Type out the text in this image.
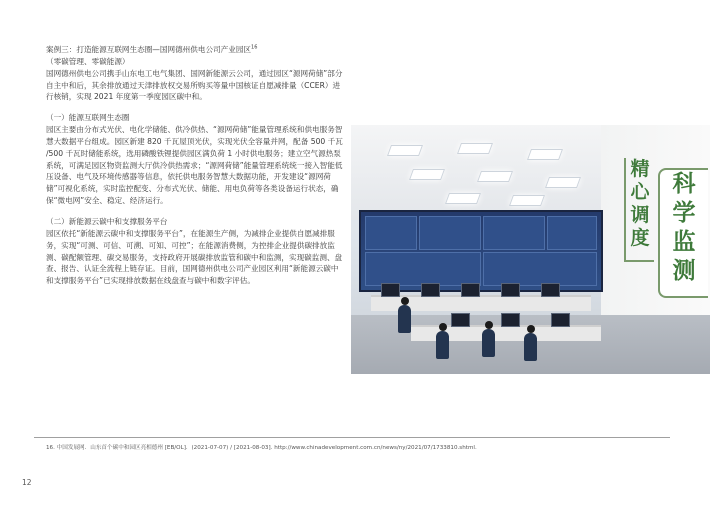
案例三：打造能源互联网生态圈—国网德州供电公司产业园区$^{16}$

（零碳管理、零碳能源）

国网德州供电公司携手山东电工电气集团、国网新能源云公司，通过园区“源网荷储”部分自主中和后，其余排放通过天津排放权交易所购买等量中国核证自愿减排量（CCER）进行核销，实现 2021 年度第一季度园区碳中和。

（一）能源互联网生态圈

园区主要由分布式光伏、电化学储能、供冷供热、“源网荷储”能量管理系统和供电服务智慧大数据平台组成。园区新建 820 千瓦屋顶光伏，实现光伏全容量并网，配备 500 千瓦 /500 千瓦时储能系统，选用磷酸铁锂提供园区满负荷 1 小时供电服务；建立空气源热泵系统，可满足园区物资监测大厅供冷供热需求；“源网荷储”能量管理系统统一接入智能低压设备、电气及环境传感器等信息，依托供电服务智慧大数据功能，开发建设“源网荷储”可视化系统，实时监控配变、分布式光伏、储能、用电负荷等各类设备运行状态，确保“微电网”安全、稳定、经济运行。

（二）新能源云碳中和支撑服务平台

园区依托“新能源云碳中和支撑服务平台”，在能源生产侧，为减排企业提供自愿减排服务，实现“可测、可信、可溯、可知、可控”；在能源消费侧，为控排企业提供碳排放监测、碳配额管理、碳交易服务，支持政府开展碳排放监管和碳中和监测，实现碳监测、盘查、报告、认证全流程上链存证。目前，国网德州供电公司产业园区利用“新能源云碳中和支撑服务平台”已实现排放数据在线盘查与碳中和数字评估。

精
心
调
度
科
学
监
测
16. 中国发展网．山东首个碳中和园区亮相德州 [EB/OL]．(2021-07-07) / [2021-08-03]. http://www.chinadevelopment.com.cn/news/ny/2021/07/1733810.shtml.
12
